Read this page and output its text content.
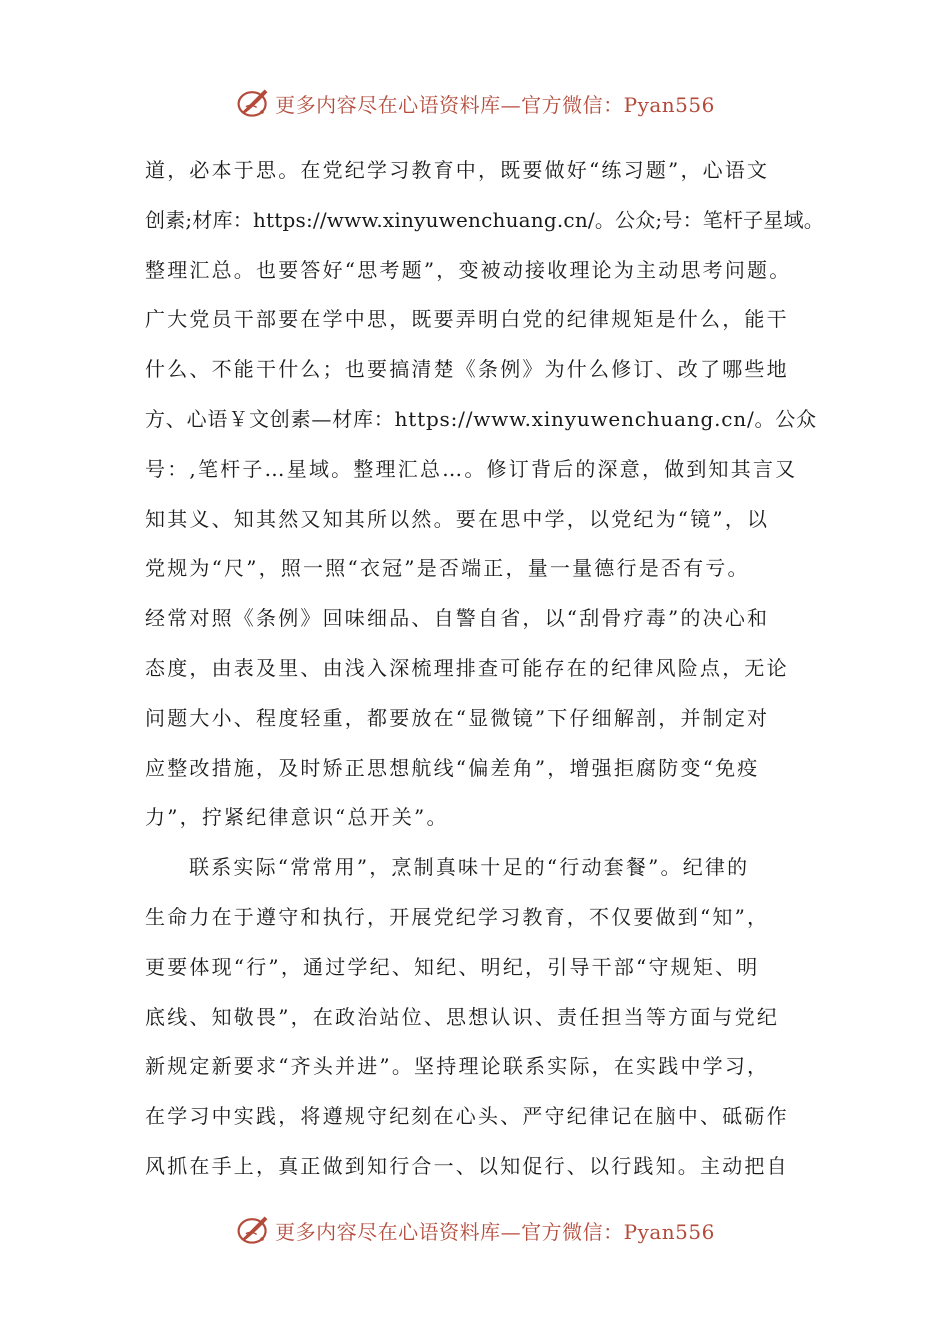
更多内容尽在心语资料库—官方微信：Pyan556
道，必本于思。在党纪学习教育中，既要做好“练习题”，心语文
创素;材库：https://www.xinyuwenchuang.cn/。公众;号：笔杆子星域。
整理汇总。也要答好“思考题”，变被动接收理论为主动思考问题。
广大党员干部要在学中思，既要弄明白党的纪律规矩是什么，能干
什么、不能干什么；也要搞清楚《条例》为什么修订、改了哪些地
方、心语￥文创素—材库：https://www.xinyuwenchuang.cn/。公众
号：,笔杆子…星域。整理汇总…。修订背后的深意，做到知其言又
知其义、知其然又知其所以然。要在思中学，以党纪为“镜”，以
党规为“尺”，照一照“衣冠”是否端正，量一量德行是否有亏。
经常对照《条例》回味细品、自警自省，以“刮骨疗毒”的决心和
态度，由表及里、由浅入深梳理排查可能存在的纪律风险点，无论
问题大小、程度轻重，都要放在“显微镜”下仔细解剖，并制定对
应整改措施，及时矫正思想航线“偏差角”，增强拒腐防变“免疫
力”，拧紧纪律意识“总开关”。
联系实际“常常用”，烹制真味十足的“行动套餐”。纪律的
生命力在于遵守和执行，开展党纪学习教育，不仅要做到“知”，
更要体现“行”，通过学纪、知纪、明纪，引导干部“守规矩、明
底线、知敬畏”，在政治站位、思想认识、责任担当等方面与党纪
新规定新要求“齐头并进”。坚持理论联系实际，在实践中学习，
在学习中实践，将遵规守纪刻在心头、严守纪律记在脑中、砥砺作
风抓在手上，真正做到知行合一、以知促行、以行践知。主动把自
更多内容尽在心语资料库—官方微信：Pyan556
